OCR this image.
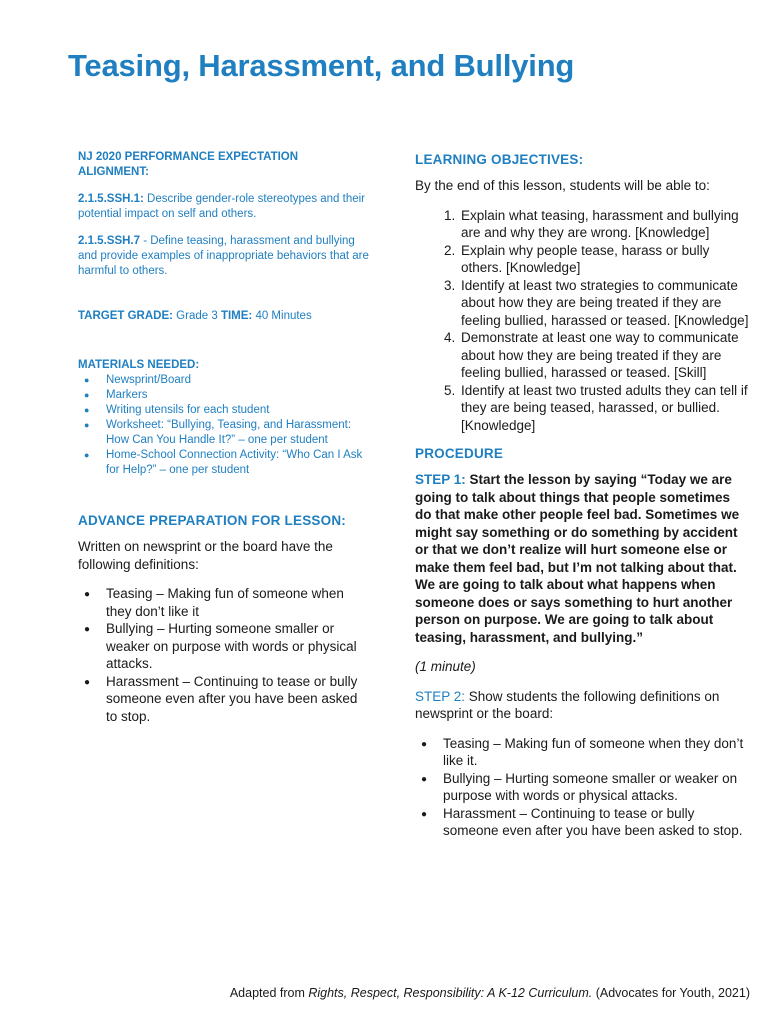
Teasing, Harassment, and Bullying

NJ 2020 PERFORMANCE EXPECTATION ALIGNMENT:

2.1.5.SSH.1: Describe gender-role stereotypes and their potential impact on self and others.

2.1.5.SSH.7 - Define teasing, harassment and bullying and provide examples of inappropriate behaviors that are harmful to others.

TARGET GRADE: Grade 3 TIME: 40 Minutes

MATERIALS NEEDED:

● Newsprint/Board
● Markers
● Writing utensils for each student
● Worksheet: “Bullying, Teasing, and Harassment: How Can You Handle It?” – one per student
● Home-School Connection Activity: “Who Can I Ask for Help?” – one per student

ADVANCE PREPARATION FOR LESSON:

Written on newsprint or the board have the following definitions:

● Teasing – Making fun of someone when they don’t like it
● Bullying – Hurting someone smaller or weaker on purpose with words or physical attacks.
● Harassment – Continuing to tease or bully someone even after you have been asked to stop.

LEARNING OBJECTIVES:

By the end of this lesson, students will be able to:

1. Explain what teasing, harassment and bullying are and why they are wrong. [Knowledge]
2. Explain why people tease, harass or bully others. [Knowledge]
3. Identify at least two strategies to communicate about how they are being treated if they are feeling bullied, harassed or teased. [Knowledge]
4. Demonstrate at least one way to communicate about how they are being treated if they are feeling bullied, harassed or teased. [Skill]
5. Identify at least two trusted adults they can tell if they are being teased, harassed, or bullied. [Knowledge]

PROCEDURE

STEP 1: Start the lesson by saying “Today we are going to talk about things that people sometimes do that make other people feel bad. Sometimes we might say something or do something by accident or that we don’t realize will hurt someone else or make them feel bad, but I’m not talking about that. We are going to talk about what happens when someone does or says something to hurt another person on purpose. We are going to talk about teasing, harassment, and bullying.”

(1 minute)

STEP 2: Show students the following definitions on newsprint or the board:

● Teasing – Making fun of someone when they don’t like it.
● Bullying – Hurting someone smaller or weaker on purpose with words or physical attacks.
● Harassment – Continuing to tease or bully someone even after you have been asked to stop.
Adapted from Rights, Respect, Responsibility: A K-12 Curriculum. (Advocates for Youth, 2021)
